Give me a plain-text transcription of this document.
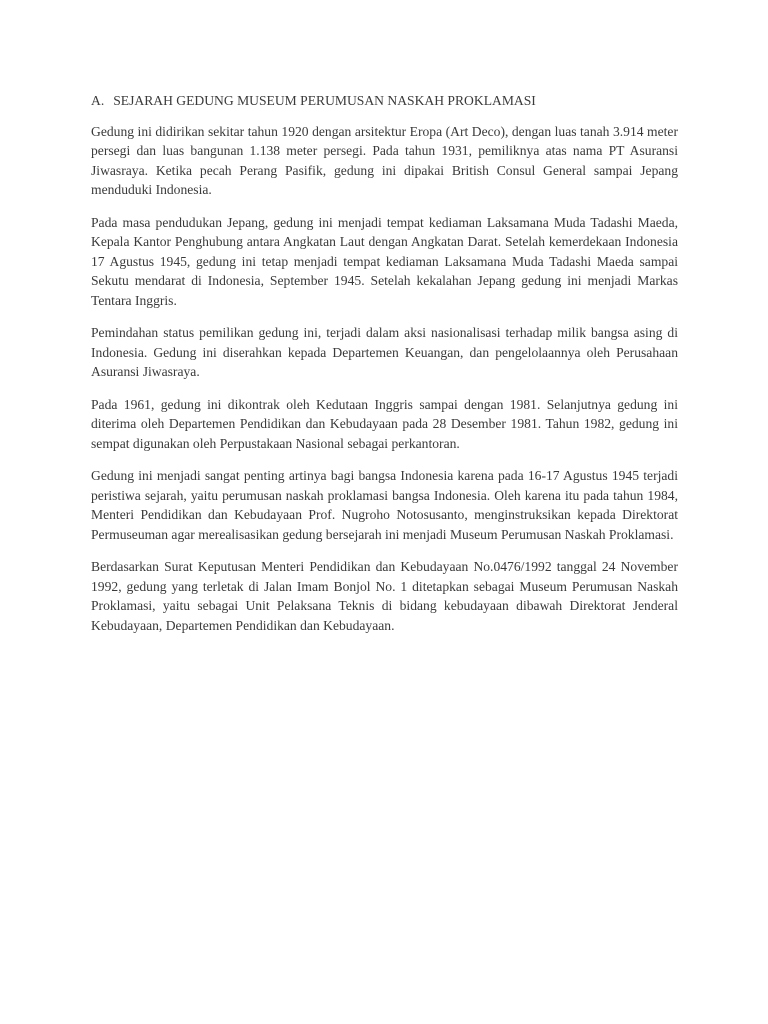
A. SEJARAH GEDUNG MUSEUM PERUMUSAN NASKAH PROKLAMASI

Gedung ini didirikan sekitar tahun 1920 dengan arsitektur Eropa (Art Deco), dengan luas tanah 3.914 meter persegi dan luas bangunan 1.138 meter persegi. Pada tahun 1931, pemiliknya atas nama PT Asuransi Jiwasraya. Ketika pecah Perang Pasifik, gedung ini dipakai British Consul General sampai Jepang menduduki Indonesia.

Pada masa pendudukan Jepang, gedung ini menjadi tempat kediaman Laksamana Muda Tadashi Maeda, Kepala Kantor Penghubung antara Angkatan Laut dengan Angkatan Darat. Setelah kemerdekaan Indonesia 17 Agustus 1945, gedung ini tetap menjadi tempat kediaman Laksamana Muda Tadashi Maeda sampai Sekutu mendarat di Indonesia, September 1945. Setelah kekalahan Jepang gedung ini menjadi Markas Tentara Inggris.

Pemindahan status pemilikan gedung ini, terjadi dalam aksi nasionalisasi terhadap milik bangsa asing di Indonesia. Gedung ini diserahkan kepada Departemen Keuangan, dan pengelolaannya oleh Perusahaan Asuransi Jiwasraya.

Pada 1961, gedung ini dikontrak oleh Kedutaan Inggris sampai dengan 1981. Selanjutnya gedung ini diterima oleh Departemen Pendidikan dan Kebudayaan pada 28 Desember 1981. Tahun 1982, gedung ini sempat digunakan oleh Perpustakaan Nasional sebagai perkantoran.

Gedung ini menjadi sangat penting artinya bagi bangsa Indonesia karena pada 16-17 Agustus 1945 terjadi peristiwa sejarah, yaitu perumusan naskah proklamasi bangsa Indonesia. Oleh karena itu pada tahun 1984, Menteri Pendidikan dan Kebudayaan Prof. Nugroho Notosusanto, menginstruksikan kepada Direktorat Permuseuman agar merealisasikan gedung bersejarah ini menjadi Museum Perumusan Naskah Proklamasi.

Berdasarkan Surat Keputusan Menteri Pendidikan dan Kebudayaan No.0476/1992 tanggal 24 November 1992, gedung yang terletak di Jalan Imam Bonjol No. 1 ditetapkan sebagai Museum Perumusan Naskah Proklamasi, yaitu sebagai Unit Pelaksana Teknis di bidang kebudayaan dibawah Direktorat Jenderal Kebudayaan, Departemen Pendidikan dan Kebudayaan.
